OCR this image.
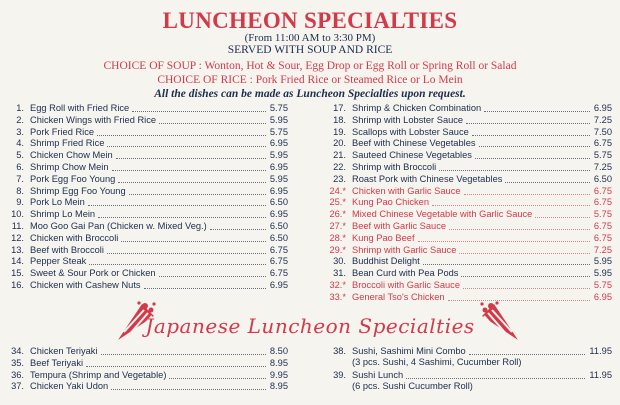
LUNCHEON SPECIALTIES
(From 11:00 AM to 3:30 PM)
SERVED WITH SOUP AND RICE
CHOICE OF SOUP : Wonton, Hot & Sour, Egg Drop or Egg Roll or Spring Roll or Salad
CHOICE OF RICE : Pork Fried Rice or Steamed Rice or Lo Mein
All the dishes can be made as Luncheon Specialties upon request.
1. Egg Roll with Fried Rice	5.75
2. Chicken Wings with Fried Rice	5.95
3. Pork Fried Rice	5.75
4. Shrimp Fried Rice	6.95
5. Chicken Chow Mein	5.95
6. Shrimp Chow Mein	6.95
7. Pork Egg Foo Young	5.95
8. Shrimp Egg Foo Young	6.95
9. Pork Lo Mein	6.50
10. Shrimp Lo Mein	6.95
11. Moo Goo Gai Pan (Chicken w. Mixed Veg.)	6.50
12. Chicken with Broccoli	6.50
13. Beef with Broccoli	6.75
14. Pepper Steak	6.75
15. Sweet & Sour Pork or Chicken	6.75
16. Chicken with Cashew Nuts	6.95
17. Shrimp & Chicken Combination	6.95
18. Shrimp with Lobster Sauce	7.25
19. Scallops with Lobster Sauce	7.50
20. Beef with Chinese Vegetables	6.75
21. Sauteed Chinese Vegetables	5.75
22. Shrimp with Broccoli	7.25
23. Roast Pork with Chinese Vegetables	6.50
24.* Chicken with Garlic Sauce	6.75
25.* Kung Pao Chicken	6.75
26.* Mixed Chinese Vegetable with Garlic Sauce	5.75
27.* Beef with Garlic Sauce	6.75
28.* Kung Pao Beef	6.75
29.* Shrimp with Garlic Sauce	7.25
30. Buddhist Delight	5.95
31. Bean Curd with Pea Pods	5.95
32.* Broccoli with Garlic Sauce	5.75
33.* General Tso's Chicken	6.95
Japanese Luncheon Specialties
34. Chicken Teriyaki	8.50
35. Beef Teriyaki	8.95
36. Tempura (Shrimp and Vegetable)	9.95
37. Chicken Yaki Udon	8.95
38. Sushi, Sashimi Mini Combo	11.95
(3 pcs. Sushi, 4 Sashimi, Cucumber Roll)
39. Sushi Lunch	11.95
(6 pcs. Sushi Cucumber Roll)
